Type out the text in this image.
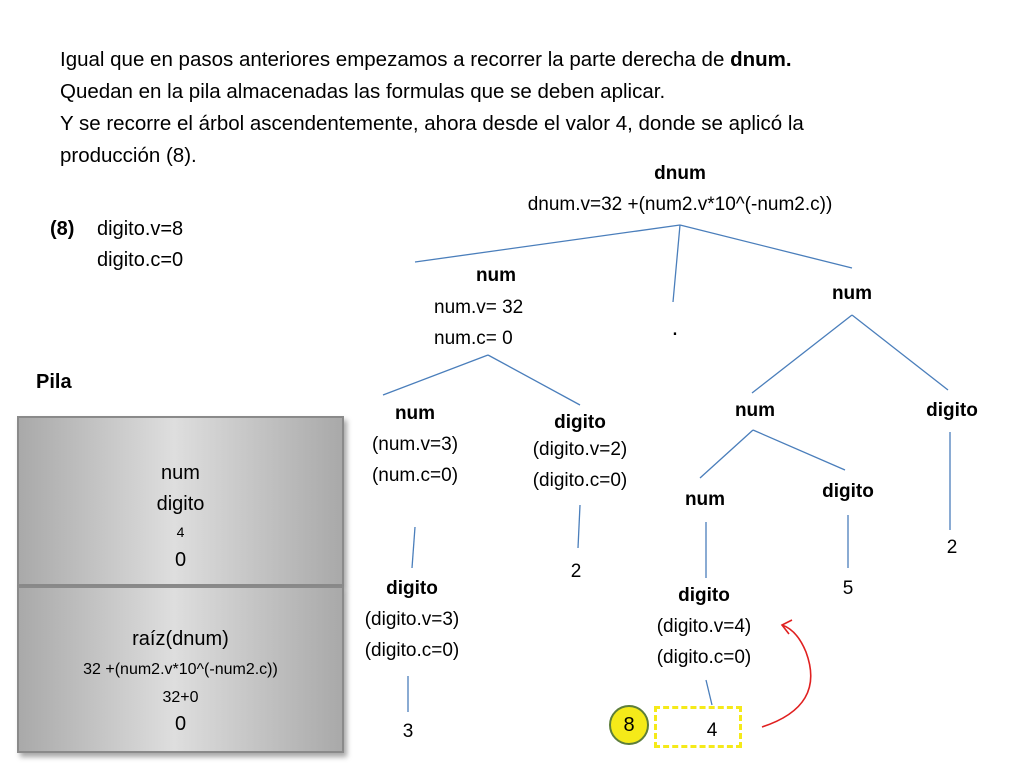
Igual que en pasos anteriores empezamos a recorrer la parte derecha de dnum.
Quedan en la pila almacenadas las formulas que se deben aplicar.
Y se recorre el árbol ascendentemente, ahora desde el valor 4, donde se aplicó la
producción (8).
(8) digito.v=8
digito.c=0
Pila
num
digito
4
0
raíz(dnum)
32 +(num2.v*10^(-num2.c))
32+0
0
dnum
dnum.v=32 +(num2.v*10^(-num2.c))
num
num.v= 32
num.c= 0	.
num
num
(num.v=3)
(num.c=0)
digito
(digito.v=3)
(digito.c=0)
3
digito
(digito.v=2)
(digito.c=0)
2
num	digito
2
num	digito
5
digito
(digito.v=4)
(digito.c=0)
8	4
